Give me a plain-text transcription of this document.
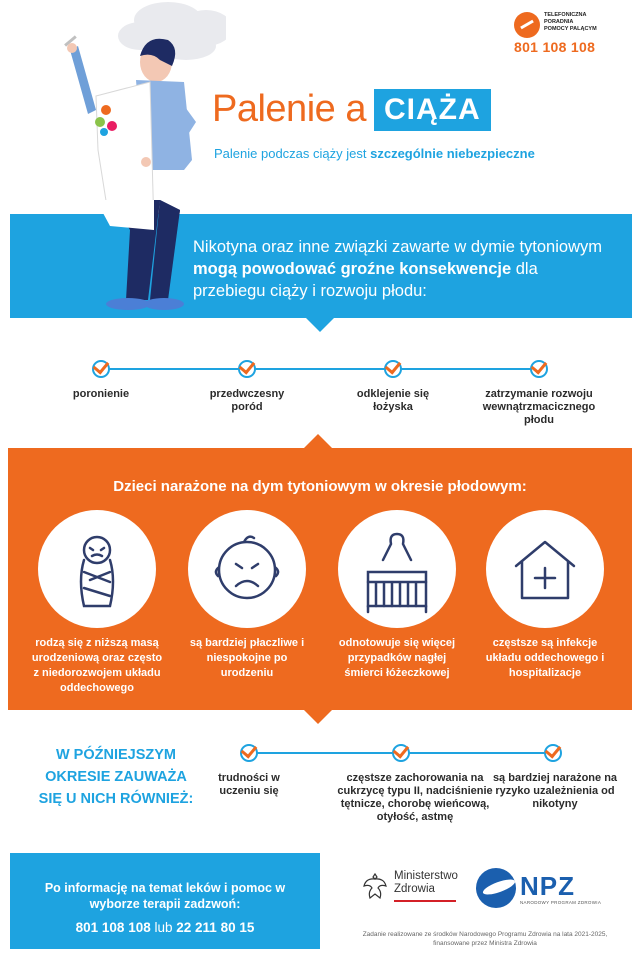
TELEFONICZNA
PORADNIA
POMOCY PALĄCYM
801 108 108
Palenie a CIĄŻA
Palenie podczas ciąży jest szczególnie niebezpieczne
Nikotyna oraz inne związki zawarte w dymie tytoniowym mogą powodować groźne konsekwencje dla przebiegu ciąży i rozwoju płodu:
poronienie	przedwczesny poród
odklejenie się łożyska
zatrzymanie rozwoju wewnątrzmacicznego płodu
Dzieci narażone na dym tytoniowym w okresie płodowym:
rodzą się z niższą masą urodzeniową oraz często z niedorozwojem układu oddechowego
są bardziej płaczliwe i niespokojne po urodzeniu
odnotowuje się więcej przypadków nagłej śmierci łóżeczkowej
częstsze są infekcje układu oddechowego i hospitalizacje
W PÓŹNIEJSZYM OKRESIE ZAUWAŻA SIĘ U NICH RÓWNIEŻ:
trudności w uczeniu się
częstsze zachorowania na cukrzycę typu II, nadciśnienie tętnicze, chorobę wieńcową, otyłość, astmę
są bardziej narażone na ryzyko uzależnienia od nikotyny
Po informację na temat leków i pomoc w wyborze terapii zadzwoń:
801 108 108 lub 22 211 80 15
Ministerstwo
Zdrowia	NPZ
NARODOWY PROGRAM ZDROWIA
Zadanie realizowane ze środków Narodowego Programu Zdrowia na lata 2021-2025, finansowane przez Ministra Zdrowia
